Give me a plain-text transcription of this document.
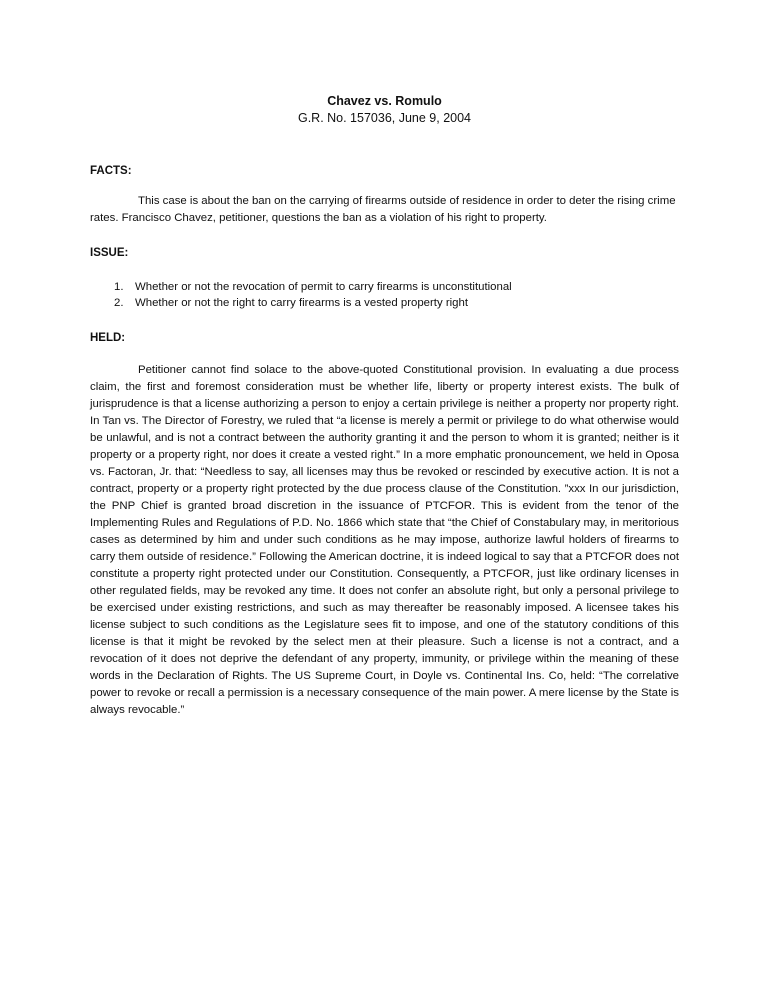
Chavez vs. Romulo
G.R. No. 157036, June 9, 2004
FACTS:

This case is about the ban on the carrying of firearms outside of residence in order to deter the rising crime rates. Francisco Chavez, petitioner, questions the ban as a violation of his right to property.

ISSUE:
1.	Whether or not the revocation of permit to carry firearms is unconstitutional
2.	Whether or not the right to carry firearms is a vested property right
HELD:

Petitioner cannot find solace to the above-quoted Constitutional provision. In evaluating a due process claim, the first and foremost consideration must be whether life, liberty or property interest exists. The bulk of jurisprudence is that a license authorizing a person to enjoy a certain privilege is neither a property nor property right. In Tan vs. The Director of Forestry, we ruled that “a license is merely a permit or privilege to do what otherwise would be unlawful, and is not a contract between the authority granting it and the person to whom it is granted; neither is it property or a property right, nor does it create a vested right.” In a more emphatic pronouncement, we held in Oposa vs. Factoran, Jr. that: “Needless to say, all licenses may thus be revoked or rescinded by executive action. It is not a contract, property or a property right protected by the due process clause of the Constitution. ”xxx In our jurisdiction, the PNP Chief is granted broad discretion in the issuance of PTCFOR. This is evident from the tenor of the Implementing Rules and Regulations of P.D. No. 1866 which state that “the Chief of Constabulary may, in meritorious cases as determined by him and under such conditions as he may impose, authorize lawful holders of firearms to carry them outside of residence.” Following the American doctrine, it is indeed logical to say that a PTCFOR does not constitute a property right protected under our Constitution. Consequently, a PTCFOR, just like ordinary licenses in other regulated fields, may be revoked any time. It does not confer an absolute right, but only a personal privilege to be exercised under existing restrictions, and such as may thereafter be reasonably imposed. A licensee takes his license subject to such conditions as the Legislature sees fit to impose, and one of the statutory conditions of this license is that it might be revoked by the select men at their pleasure. Such a license is not a contract, and a revocation of it does not deprive the defendant of any property, immunity, or privilege within the meaning of these words in the Declaration of Rights. The US Supreme Court, in Doyle vs. Continental Ins. Co, held: “The correlative power to revoke or recall a permission is a necessary consequence of the main power. A mere license by the State is always revocable.”
